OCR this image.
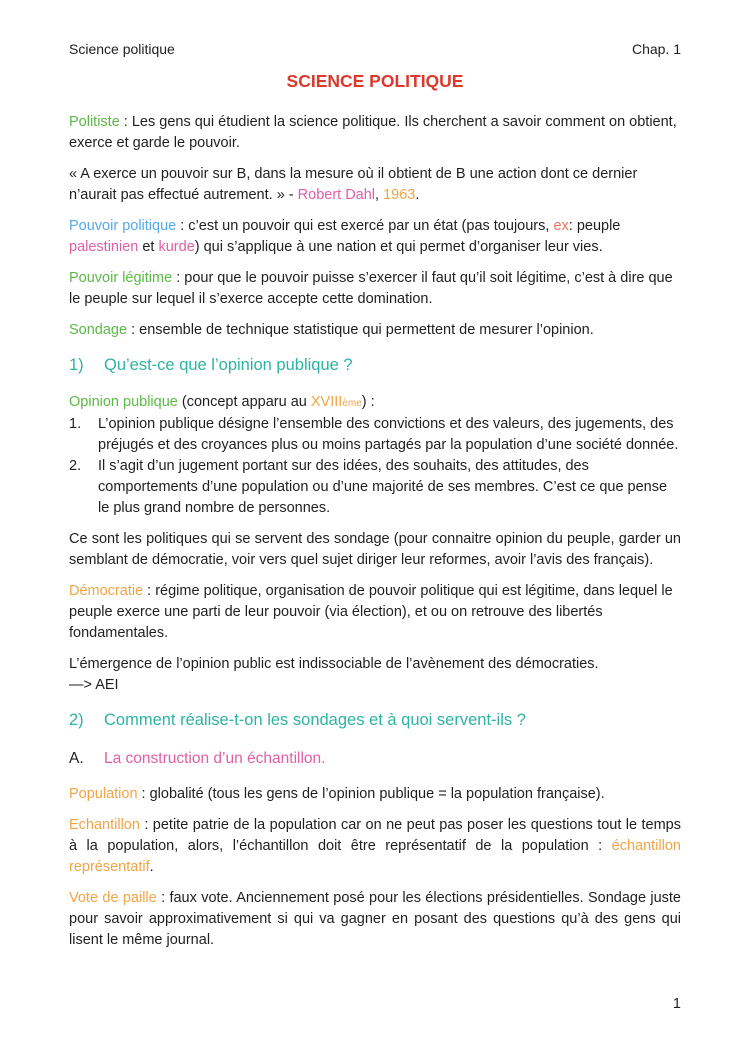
Science politique	Chap. 1
SCIENCE POLITIQUE

Politiste : Les gens qui étudient la science politique. Ils cherchent a savoir comment on obtient, exerce et garde le pouvoir.

« A exerce un pouvoir sur B, dans la mesure où il obtient de B une action dont ce dernier n’aurait pas effectué autrement. » - Robert Dahl, 1963.

Pouvoir politique : c’est un pouvoir qui est exercé par un état (pas toujours, ex: peuple palestinien et kurde) qui s’applique à une nation et qui permet d’organiser leur vies.

Pouvoir légitime : pour que le pouvoir puisse s’exercer il faut qu’il soit légitime, c’est à dire que le peuple sur lequel il s’exerce accepte cette domination.

Sondage : ensemble de technique statistique qui permettent de mesurer l’opinion.

1)	Qu’est-ce que l’opinion publique ?

Opinion publique (concept apparu au XVIIIème) :

1.	L’opinion publique désigne l’ensemble des convictions et des valeurs, des jugements, des préjugés et des croyances plus ou moins partagés par la population d’une société donnée.
2.	Il s’agit d’un jugement portant sur des idées, des souhaits, des attitudes, des comportements d’une population ou d’une majorité de ses membres. C’est ce que pense le plus grand nombre de personnes.

Ce sont les politiques qui se servent des sondage (pour connaitre opinion du peuple, garder un semblant de démocratie, voir vers quel sujet diriger leur reformes, avoir l’avis des français).

Démocratie : régime politique, organisation de pouvoir politique qui est légitime, dans lequel le peuple exerce une parti de leur pouvoir (via élection), et ou on retrouve des libertés fondamentales.

L’émergence de l’opinion public est indissociable de l’avènement des démocraties.
—> AEI

2)	Comment réalise-t-on les sondages et à quoi servent-ils ?
A.	La construction d’un échantillon.

Population : globalité (tous les gens de l’opinion publique = la population française).

Echantillon : petite patrie de la population car on ne peut pas poser les questions tout le temps à la population, alors, l’échantillon doit être représentatif de la population : échantillon représentatif.

Vote de paille : faux vote. Anciennement posé pour les élections présidentielles. Sondage juste pour savoir approximativement si qui va gagner en posant des questions qu’à des gens qui lisent le même journal.

1
